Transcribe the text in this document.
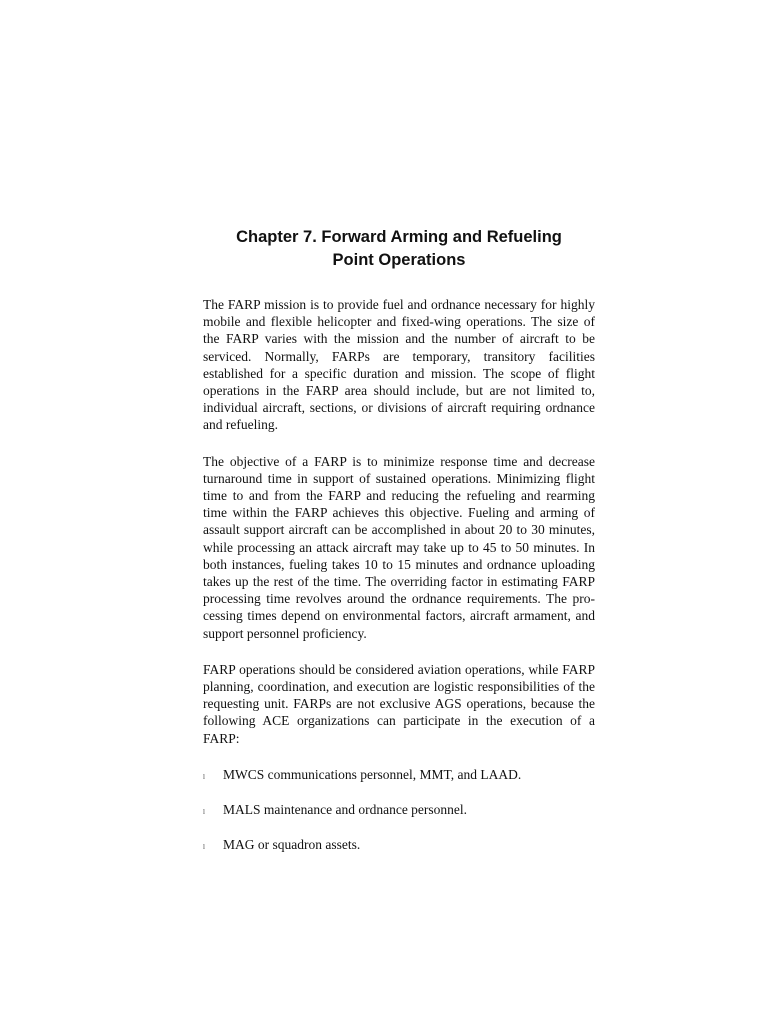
Chapter 7. Forward Arming and Refueling
Point Operations

The FARP mission is to provide fuel and ordnance necessary for highly mobile and flexible helicopter and fixed-wing operations. The size of the FARP varies with the mission and the number of aircraft to be serviced. Normally, FARPs are temporary, transitory facilities established for a specific duration and mission. The scope of flight operations in the FARP area should include, but are not limited to, individual aircraft, sections, or divisions of aircraft requiring ordnance and refueling.

The objective of a FARP is to minimize response time and decrease turnaround time in support of sustained operations. Minimizing flight time to and from the FARP and reducing the refueling and rearming time within the FARP achieves this objective. Fueling and arming of assault support aircraft can be accomplished in about 20 to 30 minutes, while processing an attack aircraft may take up to 45 to 50 minutes. In both instances, fueling takes 10 to 15 minutes and ordnance uploading takes up the rest of the time. The overriding factor in estimating FARP processing time revolves around the ordnance requirements. The processing times depend on environmental factors, aircraft armament, and support personnel proficiency.

FARP operations should be considered aviation operations, while FARP planning, coordination, and execution are logistic responsibilities of the requesting unit. FARPs are not exclusive AGS operations, because the following ACE organizations can participate in the execution of a FARP:

l MWCS communications personnel, MMT, and LAAD.
l MALS maintenance and ordnance personnel.
l MAG or squadron assets.
